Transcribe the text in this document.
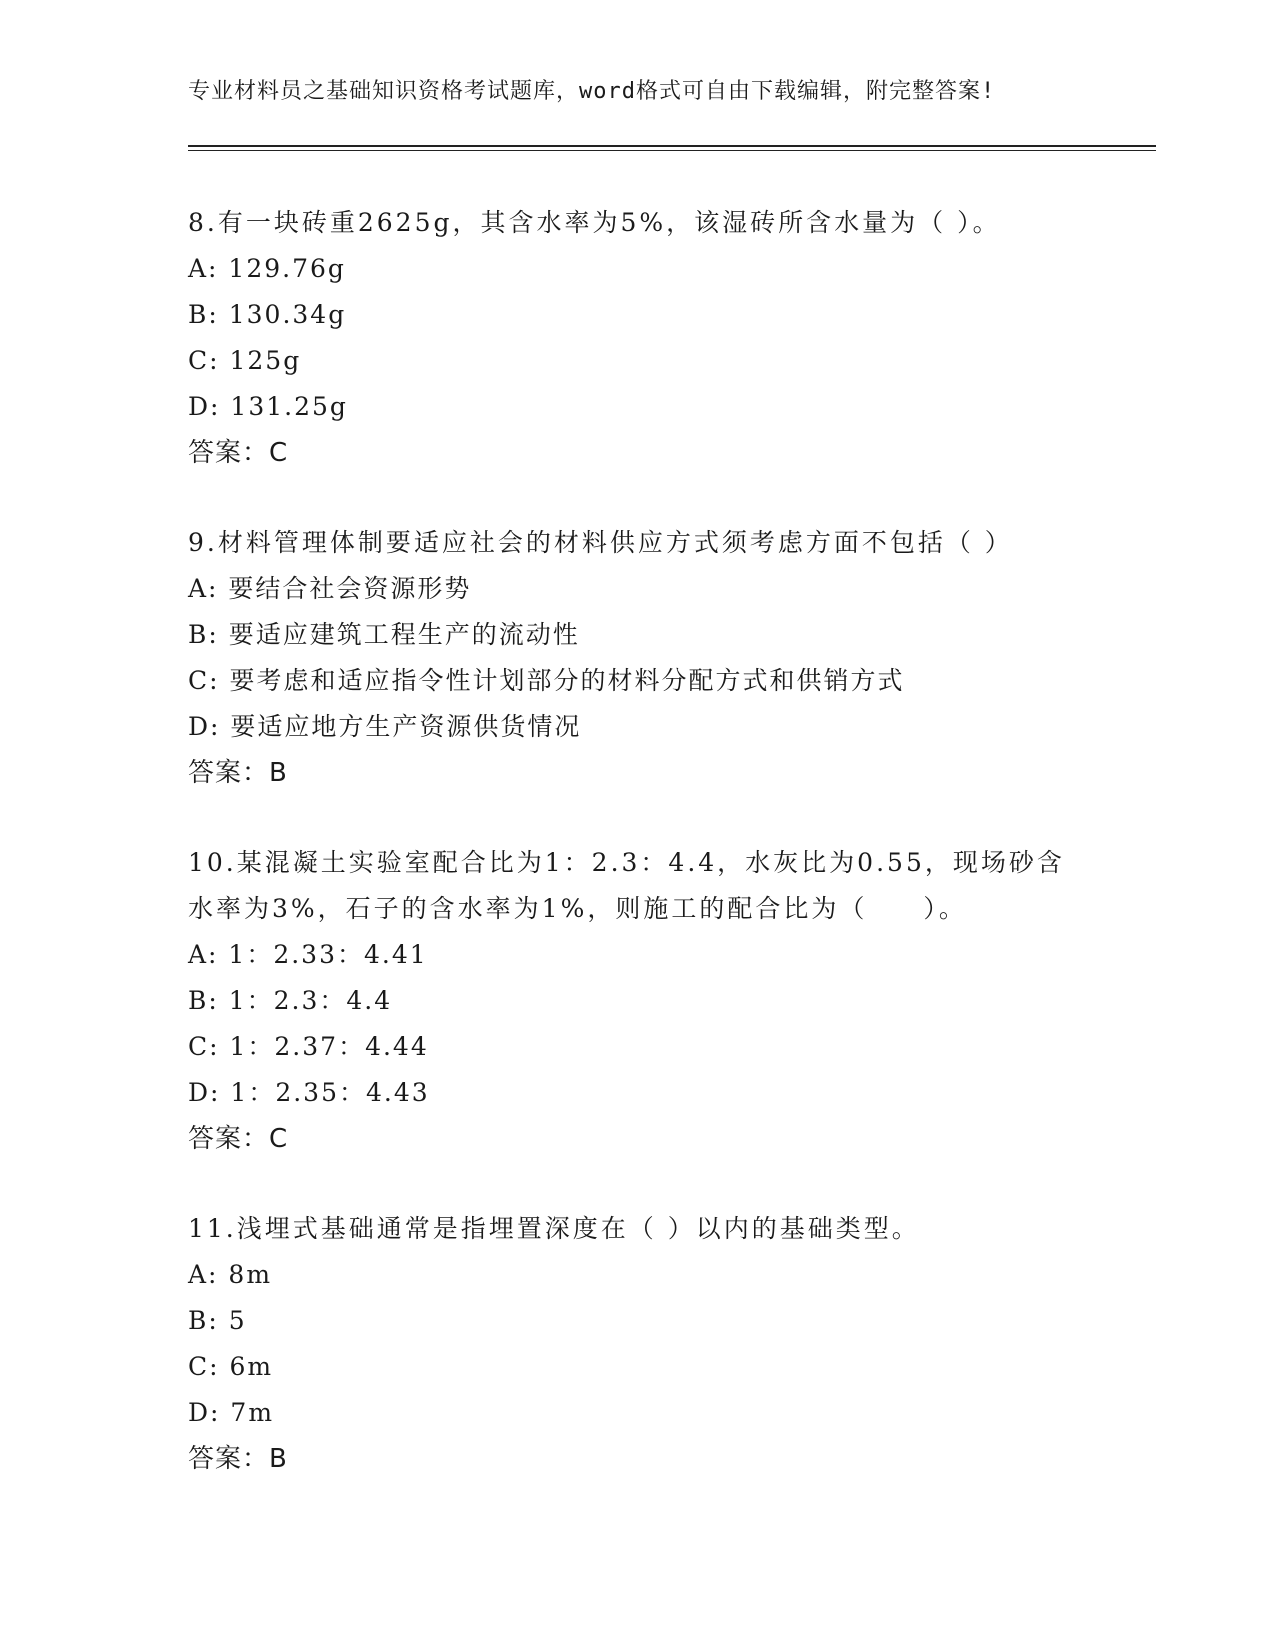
专业材料员之基础知识资格考试题库，word格式可自由下载编辑，附完整答案!
8.有一块砖重2625g，其含水率为5%，该湿砖所含水量为（ ）。
A: 129.76g
B: 130.34g
C: 125g
D: 131.25g
答案：C
9.材料管理体制要适应社会的材料供应方式须考虑方面不包括（ ）
A: 要结合社会资源形势
B: 要适应建筑工程生产的流动性
C: 要考虑和适应指令性计划部分的材料分配方式和供销方式
D: 要适应地方生产资源供货情况
答案：B
10.某混凝土实验室配合比为1：2.3：4.4，水灰比为0.55，现场砂含水率为3%，石子的含水率为1%，则施工的配合比为（　　）。
A: 1：2.33：4.41
B: 1：2.3：4.4
C: 1：2.37：4.44
D: 1：2.35：4.43
答案：C
11.浅埋式基础通常是指埋置深度在（ ）以内的基础类型。
A: 8m
B: 5
C: 6m
D: 7m
答案：B
